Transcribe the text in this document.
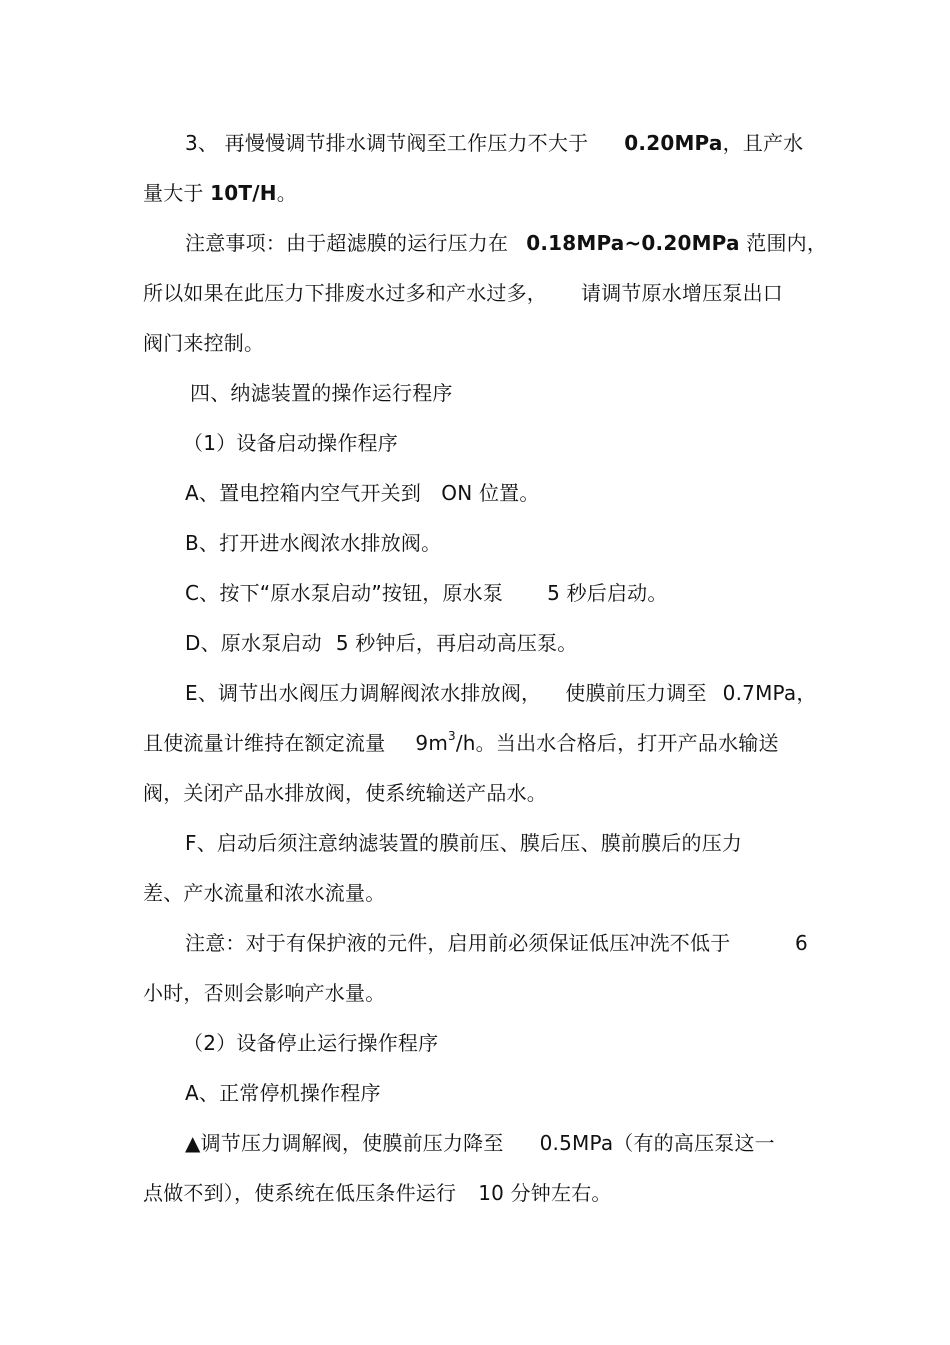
3、 再慢慢调节排水调节阀至工作压力不大于 0.20MPa，且产水
量大于 10T/H。
注意事项：由于超滤膜的运行压力在 0.18MPa~0.20MPa 范围内，
所以如果在此压力下排废水过多和产水过多， 请调节原水增压泵出口
阀门来控制。
四、纳滤装置的操作运行程序
（1）设备启动操作程序
A、置电控箱内空气开关到　ON 位置。
B、打开进水阀浓水排放阀。
C、按下“原水泵启动”按钮，原水泵 5 秒后启动。
D、原水泵启动 5 秒钟后，再启动高压泵。
E、调节出水阀压力调解阀浓水排放阀， 使膜前压力调至 0.7MPa，
且使流量计维持在额定流量 $9m^3/h$。当出水合格后，打开产品水输送
阀，关闭产品水排放阀，使系统输送产品水。
F、启动后须注意纳滤装置的膜前压、膜后压、膜前膜后的压力
差、产水流量和浓水流量。
注意：对于有保护液的元件，启用前必须保证低压冲洗不低于	6
小时，否则会影响产水量。
（2）设备停止运行操作程序
A、正常停机操作程序
▲调节压力调解阀，使膜前压力降至 0.5MPa（有的高压泵这一
点做不到），使系统在低压条件运行 10 分钟左右。
